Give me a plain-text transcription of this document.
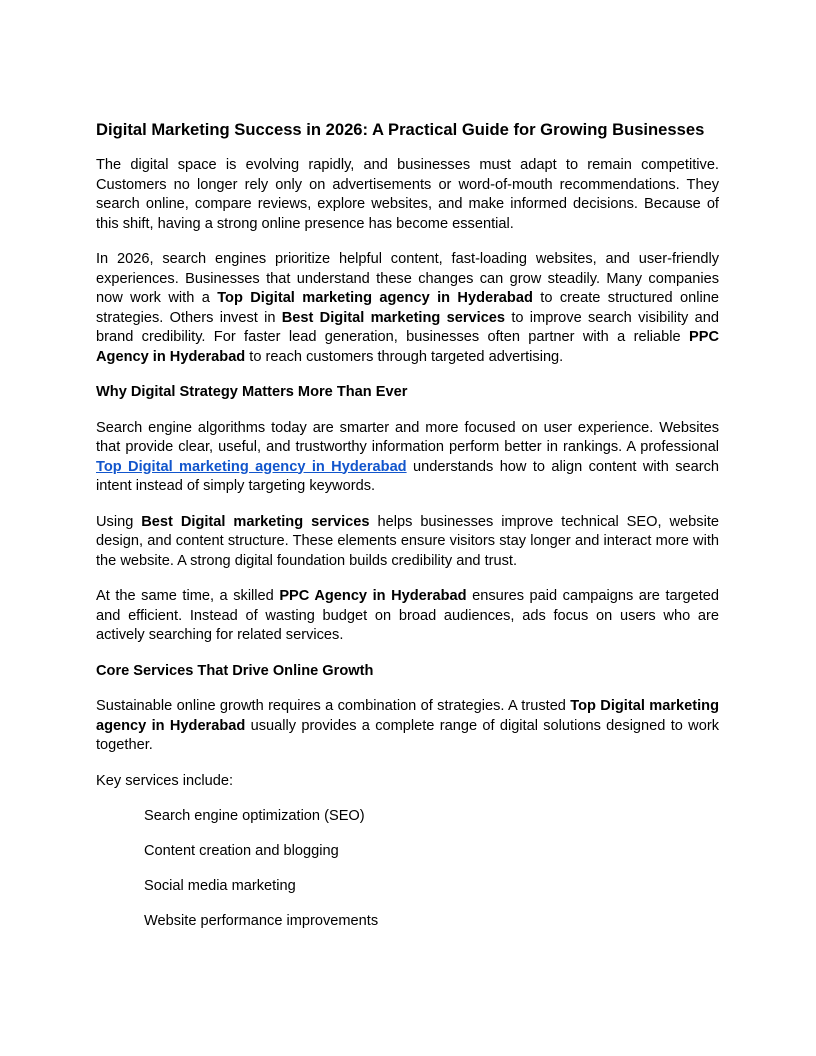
Digital Marketing Success in 2026: A Practical Guide for Growing Businesses

The digital space is evolving rapidly, and businesses must adapt to remain competitive. Customers no longer rely only on advertisements or word-of-mouth recommendations. They search online, compare reviews, explore websites, and make informed decisions. Because of this shift, having a strong online presence has become essential.

In 2026, search engines prioritize helpful content, fast-loading websites, and user-friendly experiences. Businesses that understand these changes can grow steadily. Many companies now work with a Top Digital marketing agency in Hyderabad to create structured online strategies. Others invest in Best Digital marketing services to improve search visibility and brand credibility. For faster lead generation, businesses often partner with a reliable PPC Agency in Hyderabad to reach customers through targeted advertising.

Why Digital Strategy Matters More Than Ever

Search engine algorithms today are smarter and more focused on user experience. Websites that provide clear, useful, and trustworthy information perform better in rankings. A professional Top Digital marketing agency in Hyderabad understands how to align content with search intent instead of simply targeting keywords.

Using Best Digital marketing services helps businesses improve technical SEO, website design, and content structure. These elements ensure visitors stay longer and interact more with the website. A strong digital foundation builds credibility and trust.

At the same time, a skilled PPC Agency in Hyderabad ensures paid campaigns are targeted and efficient. Instead of wasting budget on broad audiences, ads focus on users who are actively searching for related services.

Core Services That Drive Online Growth

Sustainable online growth requires a combination of strategies. A trusted Top Digital marketing agency in Hyderabad usually provides a complete range of digital solutions designed to work together.

Key services include:

Search engine optimization (SEO)
Content creation and blogging
Social media marketing
Website performance improvements
